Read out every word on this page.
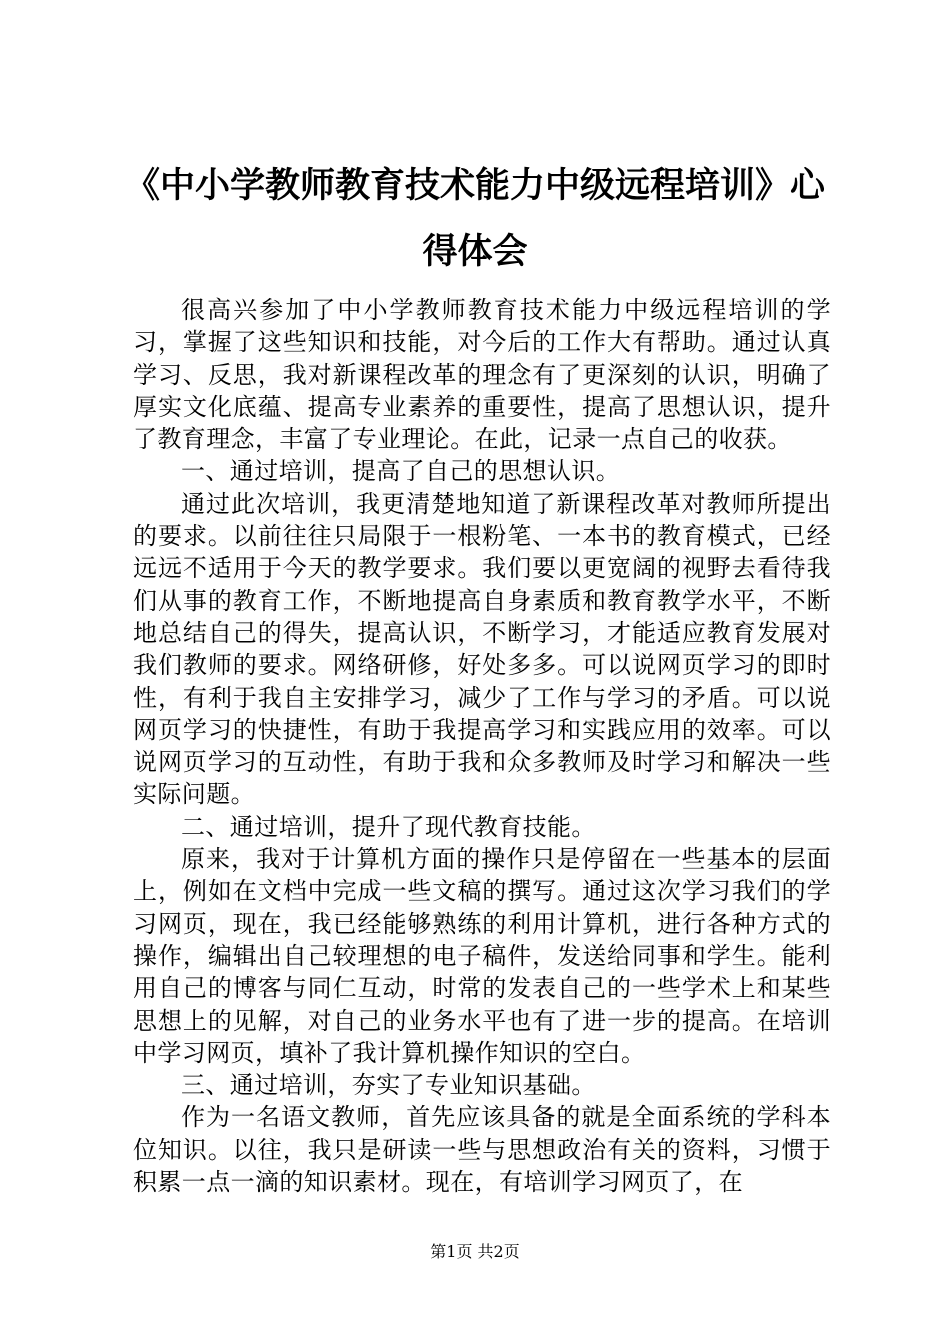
《中小学教师教育技术能力中级远程培训》心得体会

很高兴参加了中小学教师教育技术能力中级远程培训的学习，掌握了这些知识和技能，对今后的工作大有帮助。通过认真学习、反思，我对新课程改革的理念有了更深刻的认识，明确了厚实文化底蕴、提高专业素养的重要性，提高了思想认识，提升了教育理念，丰富了专业理论。在此，记录一点自己的收获。

一、通过培训，提高了自己的思想认识。

通过此次培训，我更清楚地知道了新课程改革对教师所提出的要求。以前往往只局限于一根粉笔、一本书的教育模式，已经远远不适用于今天的教学要求。我们要以更宽阔的视野去看待我们从事的教育工作，不断地提高自身素质和教育教学水平，不断地总结自己的得失，提高认识，不断学习，才能适应教育发展对我们教师的要求。网络研修，好处多多。可以说网页学习的即时性，有利于我自主安排学习，减少了工作与学习的矛盾。可以说网页学习的快捷性，有助于我提高学习和实践应用的效率。可以说网页学习的互动性，有助于我和众多教师及时学习和解决一些实际问题。

二、通过培训，提升了现代教育技能。

原来，我对于计算机方面的操作只是停留在一些基本的层面上，例如在文档中完成一些文稿的撰写。通过这次学习我们的学习网页，现在，我已经能够熟练的利用计算机，进行各种方式的操作，编辑出自己较理想的电子稿件，发送给同事和学生。能利用自己的博客与同仁互动，时常的发表自己的一些学术上和某些思想上的见解，对自己的业务水平也有了进一步的提高。在培训中学习网页，填补了我计算机操作知识的空白。

三、通过培训，夯实了专业知识基础。

作为一名语文教师，首先应该具备的就是全面系统的学科本位知识。以往，我只是研读一些与思想政治有关的资料，习惯于积累一点一滴的知识素材。现在，有培训学习网页了，在

第1页 共2页
